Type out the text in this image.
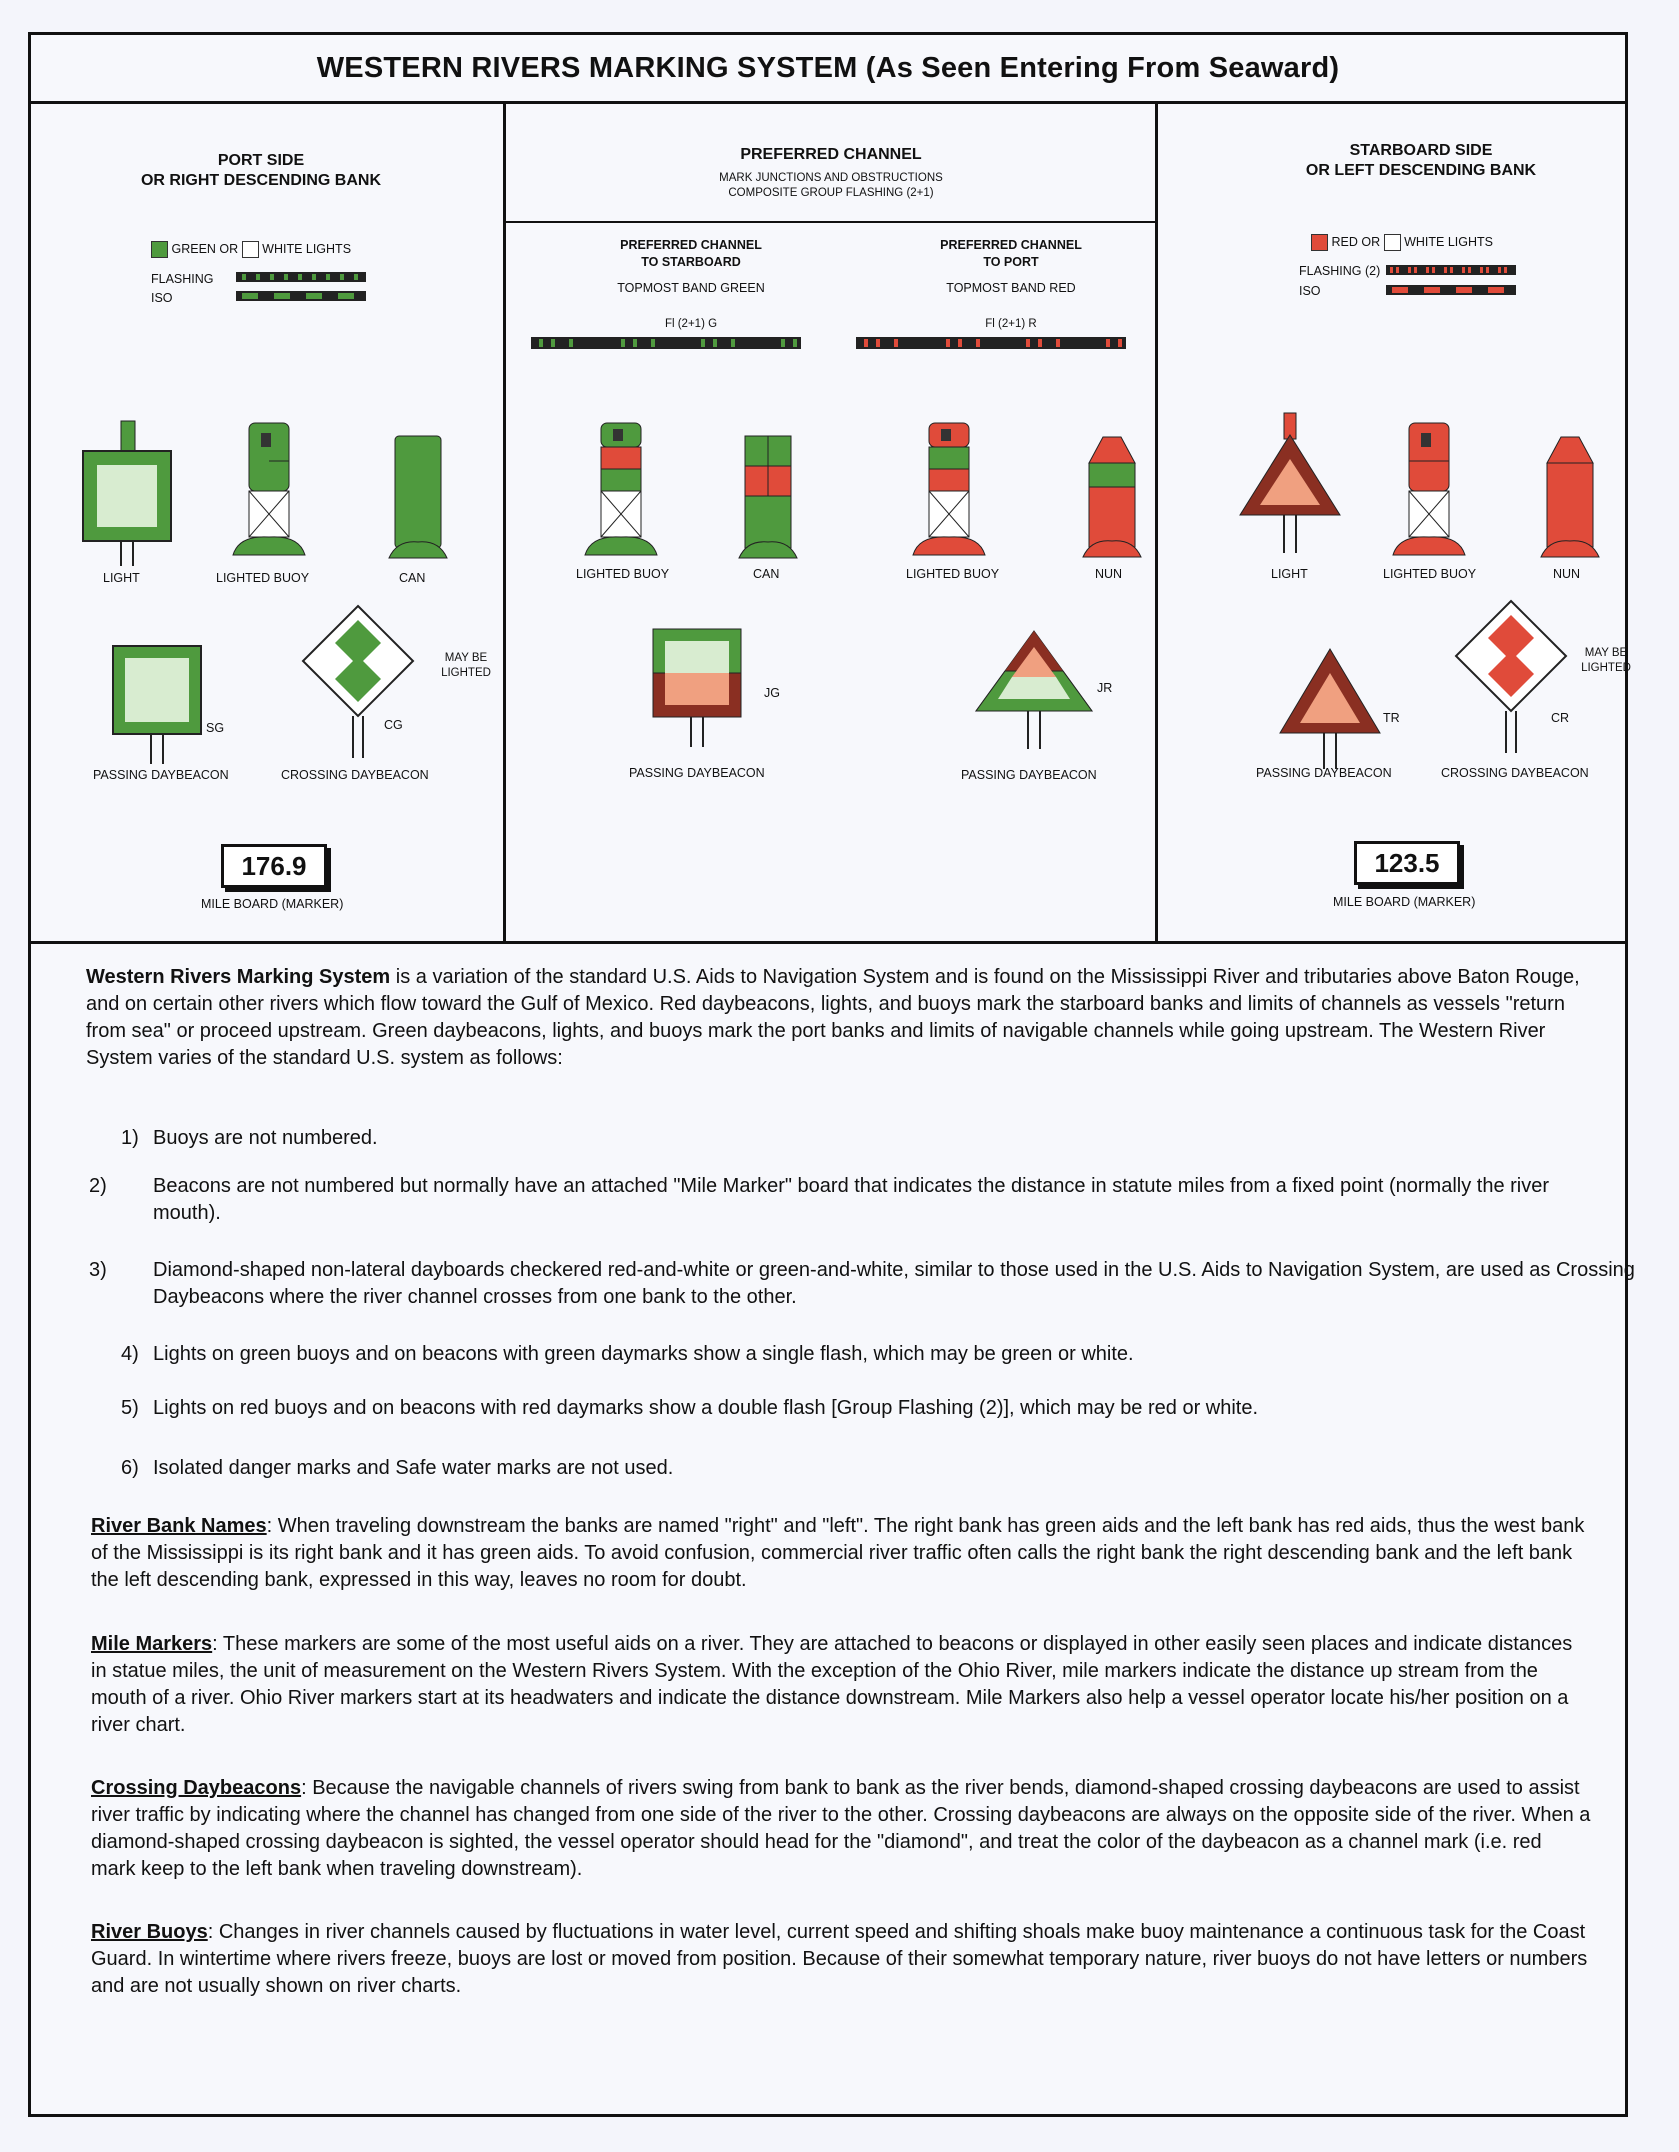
WESTERN RIVERS MARKING SYSTEM (As Seen Entering From Seaward)
PORT SIDE
OR RIGHT DESCENDING BANK
GREEN OR WHITE LIGHTS
FLASHING
ISO
LIGHT	LIGHTED BUOY	CAN
SG
PASSING DAYBEACON
MAY BE
LIGHTED
CG
CROSSING DAYBEACON
176.9
MILE BOARD (MARKER)
PREFERRED CHANNEL
MARK JUNCTIONS AND OBSTRUCTIONS
COMPOSITE GROUP FLASHING (2+1)
PREFERRED CHANNEL
TO STARBOARD
TOPMOST BAND GREEN
Fl (2+1) G
PREFERRED CHANNEL
TO PORT
TOPMOST BAND RED
Fl (2+1) R
LIGHTED BUOY	CAN	LIGHTED BUOY	NUN
JG
PASSING DAYBEACON
JR
PASSING DAYBEACON
STARBOARD SIDE
OR LEFT DESCENDING BANK
RED OR WHITE LIGHTS
FLASHING (2)
ISO
LIGHT	LIGHTED BUOY	NUN
TR
PASSING DAYBEACON
MAY BE
LIGHTED
CR
CROSSING DAYBEACON
123.5
MILE BOARD (MARKER)
Western Rivers Marking System is a variation of the standard U.S. Aids to Navigation System and is found on the Mississippi River and tributaries above Baton Rouge, and on certain other rivers which flow toward the Gulf of Mexico. Red daybeacons, lights, and buoys mark the starboard banks and limits of channels as vessels "return from sea" or proceed upstream. Green daybeacons, lights, and buoys mark the port banks and limits of navigable channels while going upstream. The Western River System varies of the standard U.S. system as follows:
1) Buoys are not numbered.
2) Beacons are not numbered but normally have an attached "Mile Marker" board that indicates the distance in statute miles from a fixed point (normally the river mouth).
3) Diamond-shaped non-lateral dayboards checkered red-and-white or green-and-white, similar to those used in the U.S. Aids to Navigation System, are used as Crossing Daybeacons where the river channel crosses from one bank to the other.
4) Lights on green buoys and on beacons with green daymarks show a single flash, which may be green or white.
5) Lights on red buoys and on beacons with red daymarks show a double flash [Group Flashing (2)], which may be red or white.
6) Isolated danger marks and Safe water marks are not used.
River Bank Names: When traveling downstream the banks are named "right" and "left". The right bank has green aids and the left bank has red aids, thus the west bank of the Mississippi is its right bank and it has green aids. To avoid confusion, commercial river traffic often calls the right bank the right descending bank and the left bank the left descending bank, expressed in this way, leaves no room for doubt.
Mile Markers: These markers are some of the most useful aids on a river. They are attached to beacons or displayed in other easily seen places and indicate distances in statue miles, the unit of measurement on the Western Rivers System. With the exception of the Ohio River, mile markers indicate the distance up stream from the mouth of a river. Ohio River markers start at its headwaters and indicate the distance downstream. Mile Markers also help a vessel operator locate his/her position on a river chart.
Crossing Daybeacons: Because the navigable channels of rivers swing from bank to bank as the river bends, diamond-shaped crossing daybeacons are used to assist river traffic by indicating where the channel has changed from one side of the river to the other. Crossing daybeacons are always on the opposite side of the river. When a diamond-shaped crossing daybeacon is sighted, the vessel operator should head for the "diamond", and treat the color of the daybeacon as a channel mark (i.e. red mark keep to the left bank when traveling downstream).
River Buoys: Changes in river channels caused by fluctuations in water level, current speed and shifting shoals make buoy maintenance a continuous task for the Coast Guard. In wintertime where rivers freeze, buoys are lost or moved from position. Because of their somewhat temporary nature, river buoys do not have letters or numbers and are not usually shown on river charts.
